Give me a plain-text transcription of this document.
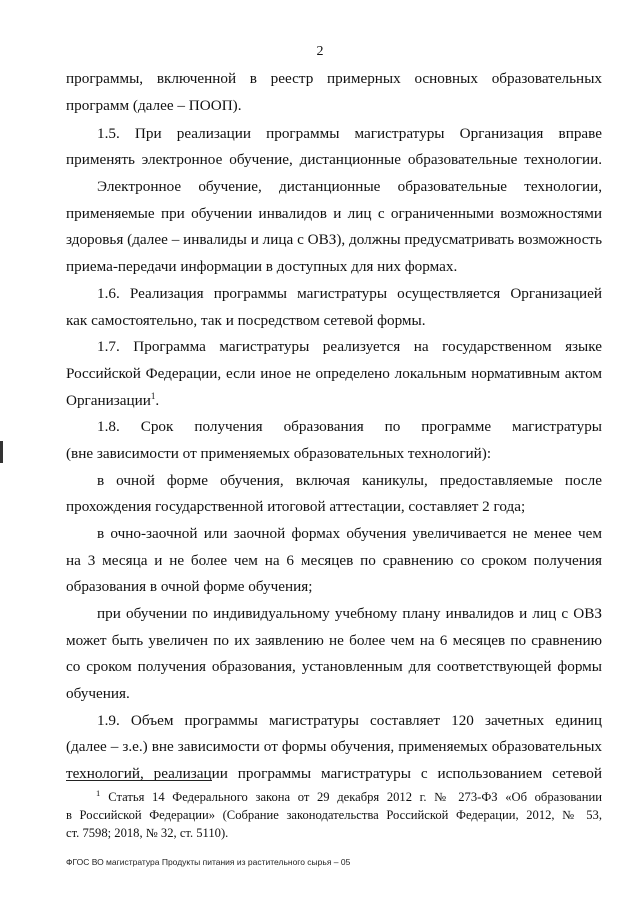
2
программы, включенной в реестр примерных основных образовательных
программ (далее – ПООП).
1.5. При реализации программы магистратуры Организация вправе
применять электронное обучение, дистанционные образовательные технологии.
Электронное обучение, дистанционные образовательные технологии,
применяемые при обучении инвалидов и лиц с ограниченными возможностями
здоровья (далее – инвалиды и лица с ОВЗ), должны предусматривать возможность
приема-передачи информации в доступных для них формах.
1.6. Реализация программы магистратуры осуществляется Организацией
как самостоятельно, так и посредством сетевой формы.
1.7. Программа магистратуры реализуется на государственном языке
Российской Федерации, если иное не определено локальным нормативным актом
Организации$^1$.
1.8. Срок получения образования по программе магистратуры
(вне зависимости от применяемых образовательных технологий):
в очной форме обучения, включая каникулы, предоставляемые после
прохождения государственной итоговой аттестации, составляет 2 года;
в очно-заочной или заочной формах обучения увеличивается не менее чем
на 3 месяца и не более чем на 6 месяцев по сравнению со сроком получения
образования в очной форме обучения;
при обучении по индивидуальному учебному плану инвалидов и лиц с ОВЗ
может быть увеличен по их заявлению не более чем на 6 месяцев по сравнению
со сроком получения образования, установленным для соответствующей формы
обучения.
1.9. Объем программы магистратуры составляет 120 зачетных единиц
(далее – з.е.) вне зависимости от формы обучения, применяемых образовательных
технологий, реализации программы магистратуры с использованием сетевой
$^1$ Статья 14 Федерального закона от 29 декабря 2012 г. № 273-ФЗ «Об образовании
в Российской Федерации» (Собрание законодательства Российской Федерации, 2012, № 53,
ст. 7598; 2018, № 32, ст. 5110).
ФГОС ВО магистратура Продукты питания из растительного сырья – 05
